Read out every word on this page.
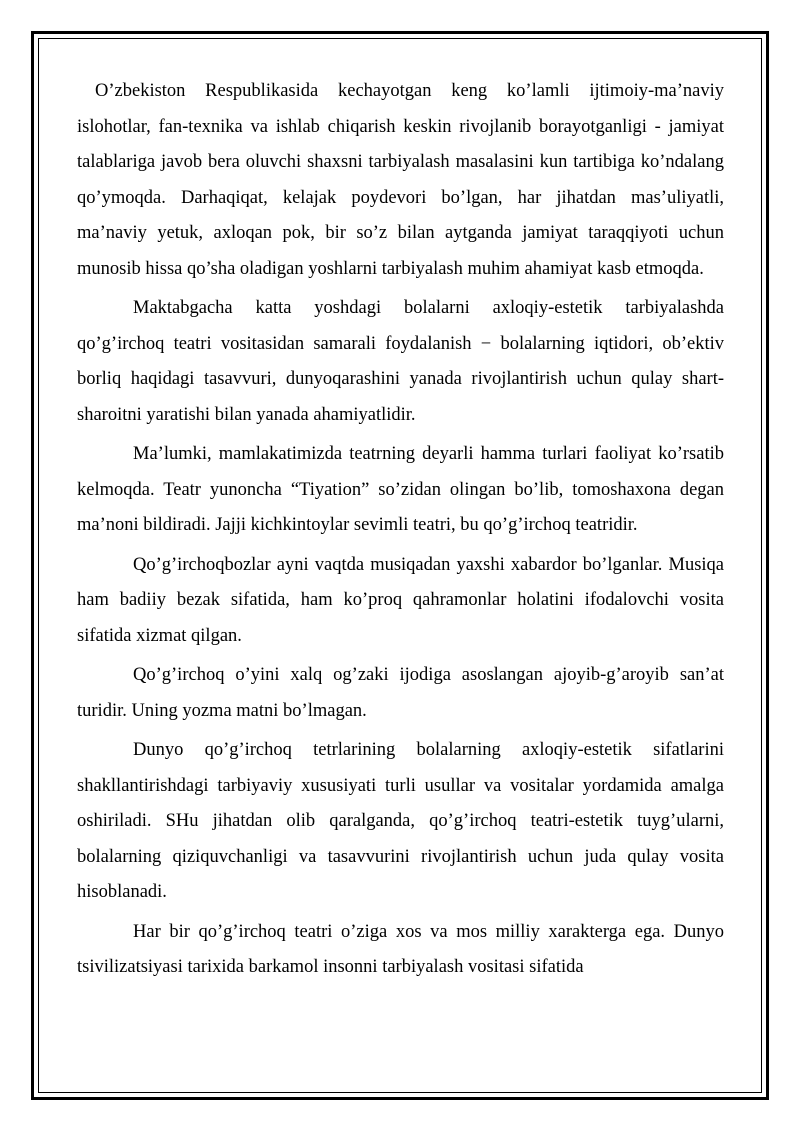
O’zbekiston Respublikasida kechayotgan keng ko’lamli ijtimoiy-ma’naviy islohotlar, fan-texnika va ishlab chiqarish keskin rivojlanib borayotganligi - jamiyat talablariga javob bera oluvchi shaxsni tarbiyalash masalasini kun tartibiga ko’ndalang qo’ymoqda. Darhaqiqat, kelajak poydevori bo’lgan, har jihatdan mas’uliyatli, ma’naviy yetuk, axloqan pok, bir so’z bilan aytganda jamiyat taraqqiyoti uchun munosib hissa qo’sha oladigan yoshlarni tarbiyalash muhim ahamiyat kasb etmoqda.

Maktabgacha katta yoshdagi bolalarni axloqiy-estetik tarbiyalashda qo’g’irchoq teatri vositasidan samarali foydalanish − bolalarning iqtidori, ob’ektiv borliq haqidagi tasavvuri, dunyoqarashini yanada rivojlantirish uchun qulay shart-sharoitni yaratishi bilan yanada ahamiyatlidir.

Ma’lumki, mamlakatimizda teatrning deyarli hamma turlari faoliyat ko’rsatib kelmoqda. Teatr yunoncha “Tiyation” so’zidan olingan bo’lib, tomoshaxona degan ma’noni bildiradi. Jajji kichkintoylar sevimli teatri, bu qo’g’irchoq teatridir.

Qo’g’irchoqbozlar ayni vaqtda musiqadan yaxshi xabardor bo’lganlar. Musiqa ham badiiy bezak sifatida, ham ko’proq qahramonlar holatini ifodalovchi vosita sifatida xizmat qilgan.

Qo’g’irchoq o’yini xalq og’zaki ijodiga asoslangan ajoyib-g’aroyib san’at turidir. Uning yozma matni bo’lmagan.

Dunyo qo’g’irchoq tetrlarining bolalarning axloqiy-estetik sifatlarini shakllantirishdagi tarbiyaviy xususiyati turli usullar va vositalar yordamida amalga oshiriladi. SHu jihatdan olib qaralganda, qo’g’irchoq teatri-estetik tuyg’ularni, bolalarning qiziquvchanligi va tasavvurini rivojlantirish uchun juda qulay vosita hisoblanadi.

Har bir qo’g’irchoq teatri o’ziga xos va mos milliy xarakterga ega. Dunyo tsivilizatsiyasi tarixida barkamol insonni tarbiyalash vositasi sifatida
